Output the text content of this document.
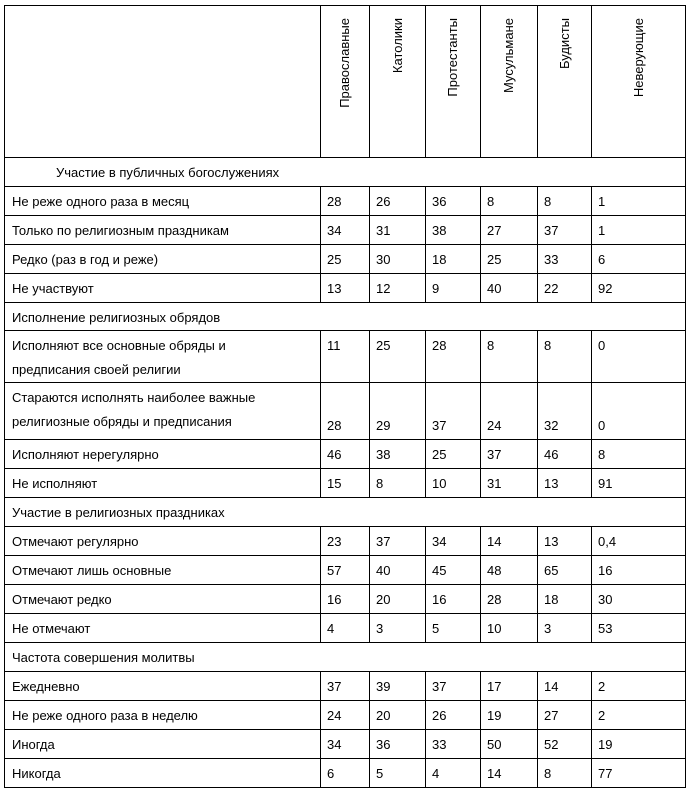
	Православные	Католики	Протестанты	Мусульмане	Будисты	Неверующие

Участие в публичных богослужениях						
Не реже одного раза в месяц	28	26	36	8	8	1
Только по религиозным праздникам	34	31	38	27	37	1
Редко (раз в год и реже)	25	30	18	25	33	6
Не участвуют	13	12	9	40	22	92
Исполнение религиозных обрядов						

Исполняют все основные обряды и
предписания своей религии	11	25	28	8	8	0

Стараются исполнять наиболее важные
религиозные обряды и предписания	28	29	37	24	32	0
Исполняют нерегулярно	46	38	25	37	46	8
Не исполняют	15	8	10	31	13	91
Участие в религиозных праздниках						
Отмечают регулярно	23	37	34	14	13	0,4
Отмечают лишь основные	57	40	45	48	65	16
Отмечают редко	16	20	16	28	18	30
Не отмечают	4	3	5	10	3	53
Частота совершения молитвы						
Ежедневно	37	39	37	17	14	2
Не реже одного раза в неделю	24	20	26	19	27	2
Иногда	34	36	33	50	52	19
Никогда	6	5	4	14	8	77
